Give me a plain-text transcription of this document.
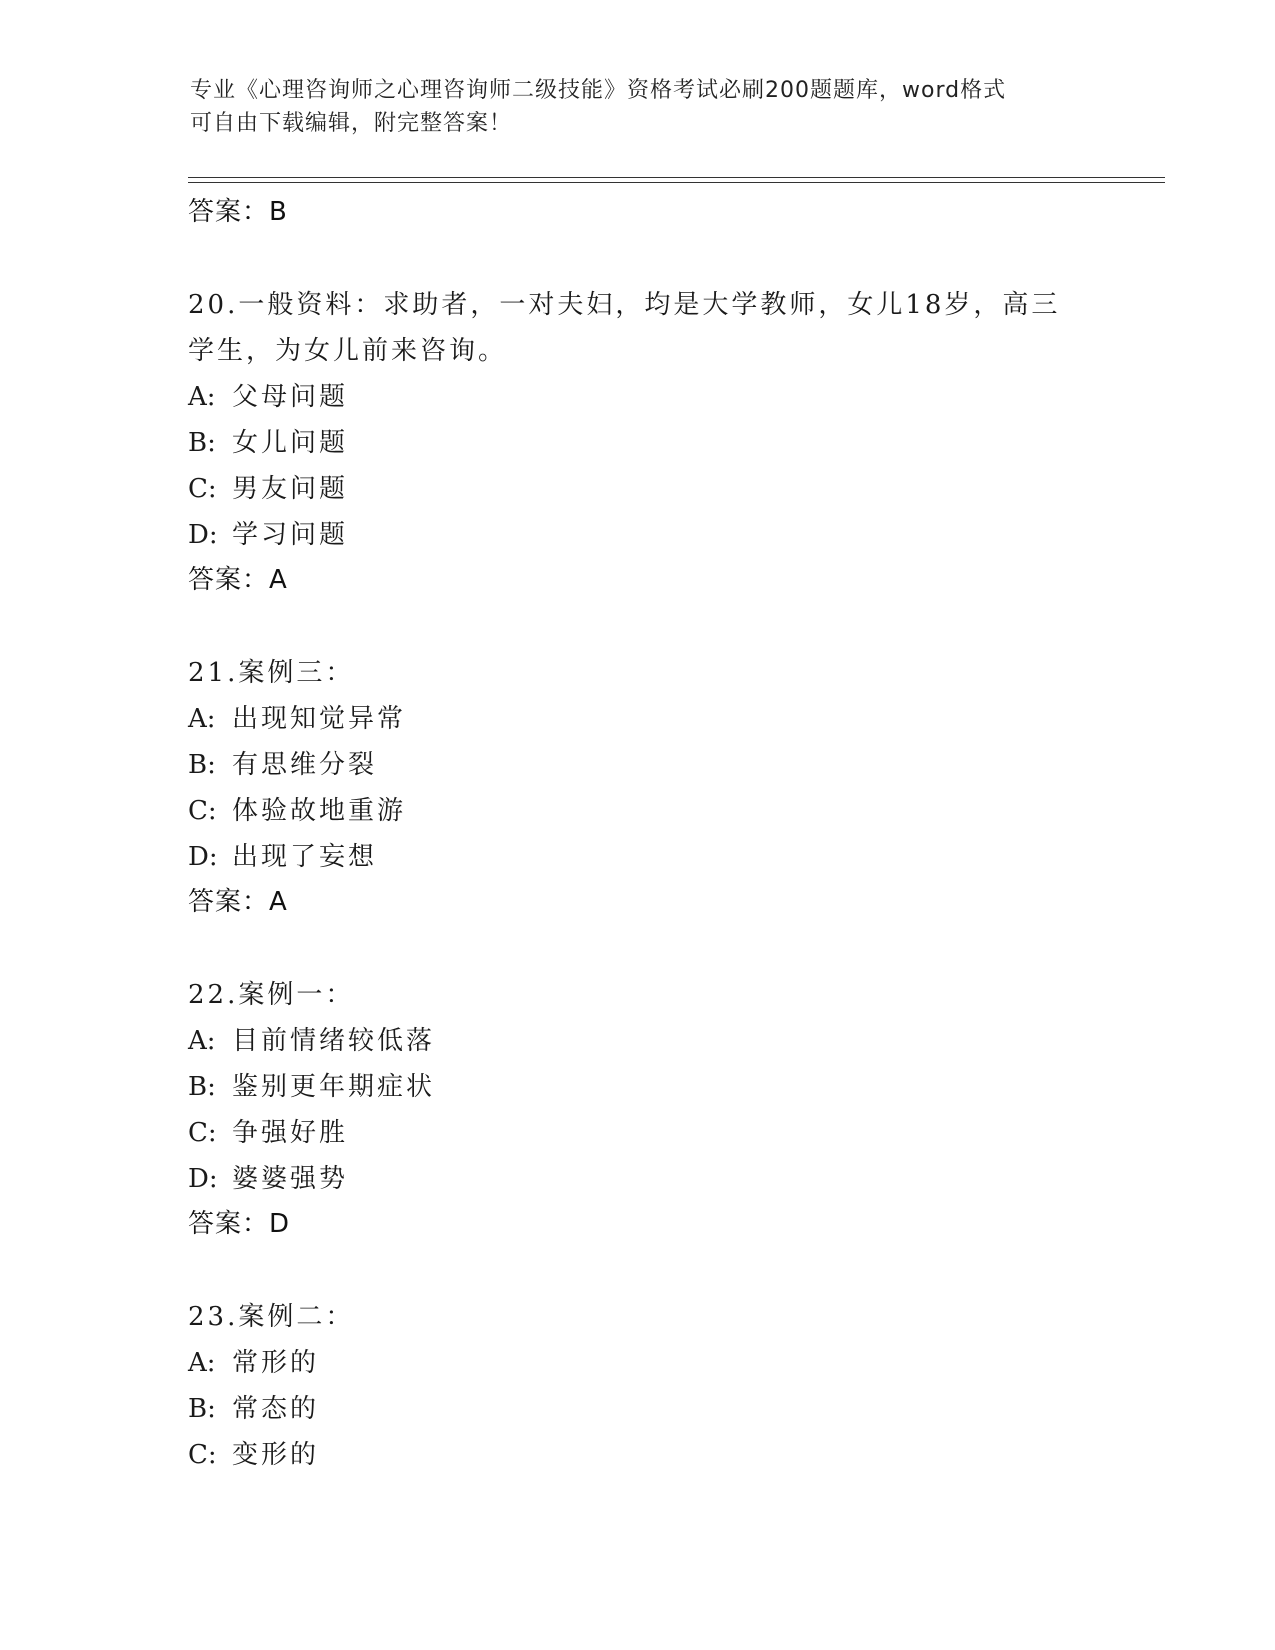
专业《心理咨询师之心理咨询师二级技能》资格考试必刷200题题库，word格式
可自由下载编辑，附完整答案！
答案：B
20.一般资料：求助者，一对夫妇，均是大学教师，女儿18岁，高三
学生，为女儿前来咨询。
A: 父母问题
B: 女儿问题
C: 男友问题
D: 学习问题
答案：A
21.案例三：
A: 出现知觉异常
B: 有思维分裂
C: 体验故地重游
D: 出现了妄想
答案：A
22.案例一：
A: 目前情绪较低落
B: 鉴别更年期症状
C: 争强好胜
D: 婆婆强势
答案：D
23.案例二：
A: 常形的
B: 常态的
C: 变形的
